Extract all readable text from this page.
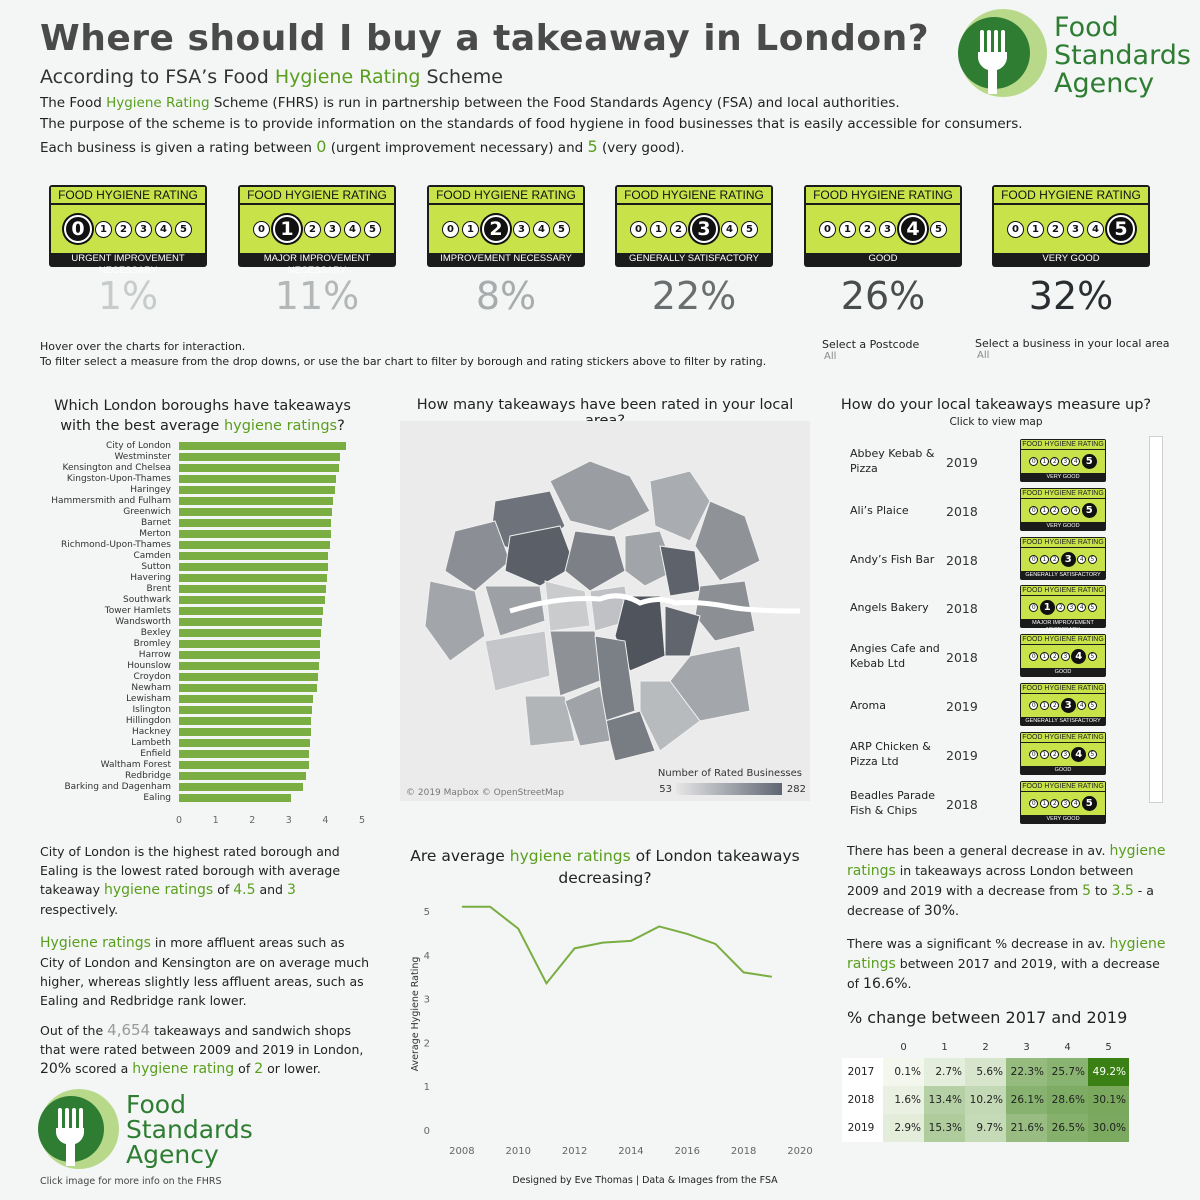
Where should I buy a takeaway in London?
According to FSA’s Food Hygiene Rating Scheme
The Food Hygiene Rating Scheme (FHRS) is run in partnership between the Food Standards Agency (FSA) and local authorities.
The purpose of the scheme is to provide information on the standards of food hygiene in food businesses that is easily accessible for consumers.
Each business is given a rating between 0 (urgent improvement necessary) and 5 (very good).
Food
Standards
Agency
FOOD HYGIENE RATING
0	1	2	3	4	5
URGENT IMPROVEMENT NECESSARY
1%
FOOD HYGIENE RATING
0 1	2	3	4	5
MAJOR IMPROVEMENT NECESSARY
11%
FOOD HYGIENE RATING
0	1 2	3	4	5
IMPROVEMENT NECESSARY
8%
FOOD HYGIENE RATING
0	1	2 3	4	5
GENERALLY SATISFACTORY
22%
FOOD HYGIENE RATING
0	1	2	3 4	5
GOOD
26%
FOOD HYGIENE RATING
0	1	2	3	4 5
VERY GOOD
32%
Hover over the charts for interaction.
To filter select a measure from the drop downs, or use the bar chart to filter by borough and rating stickers above to filter by rating.
Select a Postcode
All
Select a business in your local area
All
Which London boroughs have takeaways with the best average hygiene ratings?
City of London
Westminster
Kensington and Chelsea
Kingston-Upon-Thames
Haringey
Hammersmith and Fulham
Greenwich
Barnet
Merton
Richmond-Upon-Thames
Camden
Sutton
Havering
Brent
Southwark
Tower Hamlets
Wandsworth
Bexley
Bromley
Harrow
Hounslow
Croydon
Newham
Lewisham
Islington
Hillingdon
Hackney
Lambeth
Enfield
Waltham Forest
Redbridge
Barking and Dagenham
Ealing
0	1	2	3	4	5
How many takeaways have been rated in your local
© 2019 Mapbox © OpenStreetMap
Number of Rated Businesses
53	282
How do your local takeaways measure up?
Click to view map
Abbey Kebab & Pizza	2019
FOOD HYGIENE RATING
0	1	2	3	4 5
VERY GOOD
Ali’s Plaice	2018
FOOD HYGIENE RATING
0	1	2	3	4 5
VERY GOOD
Andy’s Fish Bar 2018
FOOD HYGIENE RATING
0	1	2 3	4	5
GENERALLY SATISFACTORY
Angels Bakery	2018
FOOD HYGIENE RATING
0 1	2	3	4	5
MAJOR IMPROVEMENT NECESSARY
Angies Cafe and Kebab Ltd	2018
FOOD HYGIENE RATING
0	1	2	3 4	5
GOOD
Aroma	2019
FOOD HYGIENE RATING
0	1	2 3	4	5
GENERALLY SATISFACTORY
ARP Chicken & Pizza Ltd	2019
FOOD HYGIENE RATING
0	1	2	3 4	5
GOOD
Beadles Parade Fish & Chips	2018
FOOD HYGIENE RATING
0	1	2	3	4 5
VERY GOOD
City of London is the highest rated borough and Ealing is the lowest rated borough with average takeaway hygiene ratings of 4.5 and 3 respectively.
Hygiene ratings in more affluent areas such as City of London and Kensington are on average much higher, whereas slightly less affluent areas, such as Ealing and Redbridge rank lower.
Out of the 4,654 takeaways and sandwich shops that were rated between 2009 and 2019 in London, 20% scored a hygiene rating of 2 or lower.
Food
Standards
Agency
Click image for more info on the FHRS
Are average hygiene ratings of London takeaways decreasing?
0
1
2
3
4
5
2008	2010	2012	2014	2016	2018	2020
Average Hygiene Rating
Designed by Eve Thomas | Data & Images from the FSA
There has been a general decrease in av. hygiene ratings in takeaways across London between 2009 and 2019 with a decrease from 5 to 3.5 - a decrease of 30%.
There was a significant % decrease in av. hygiene ratings between 2017 and 2019, with a decrease of 16.6%.
% change between 2017 and 2019
	0	1	2	3	4	5
2017	0.1%	2.7%	5.6%	22.3%	25.7%	49.2%
2018	1.6%	13.4%	10.2%	26.1%	28.6%	30.1%
2019	2.9%	15.3%	9.7%	21.6%	26.5%	30.0%
